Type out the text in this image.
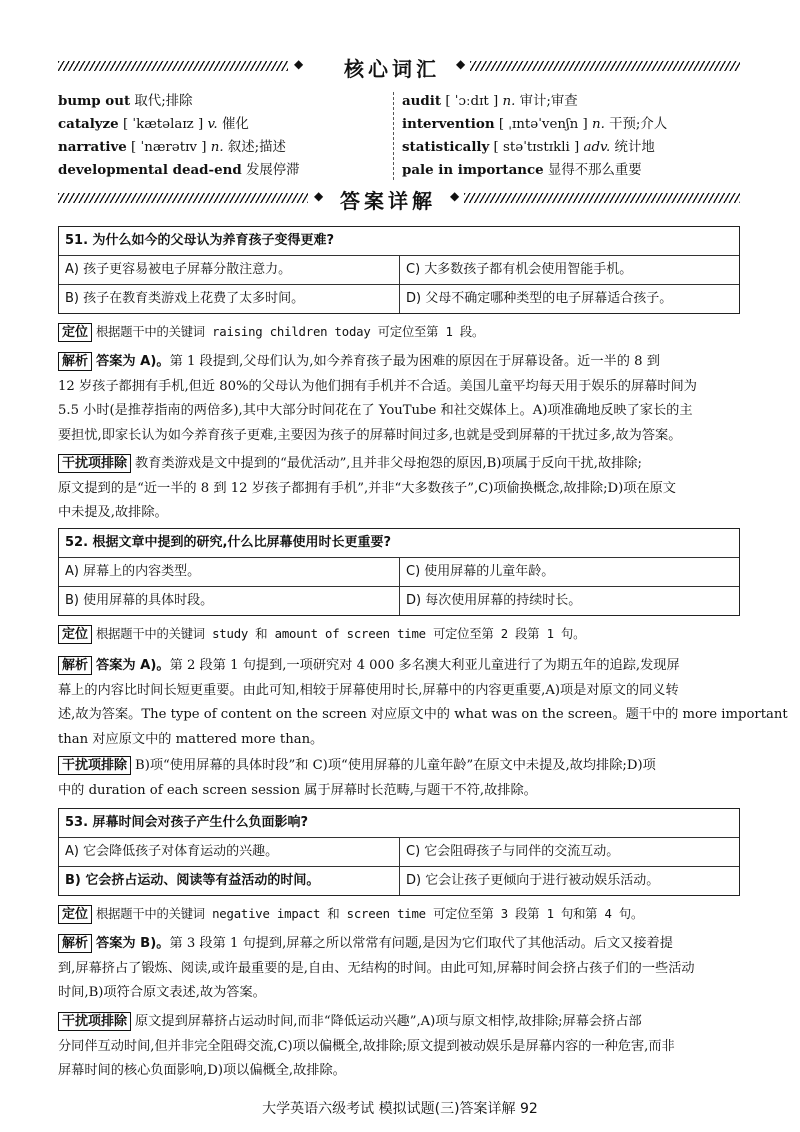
◆ 核心词汇 ◆
bump out 取代;排除
catalyze [ ˈkætəlaɪz ] v. 催化
narrative [ ˈnærətɪv ] n. 叙述;描述
developmental dead-end 发展停滞
audit [ ˈɔːdɪt ] n. 审计;审查
intervention [ ˌɪntəˈvenʃn ] n. 干预;介人
statistically [ stəˈtɪstɪkli ] adv. 统计地
pale in importance 显得不那么重要
◆ 答案详解 ◆
51. 为什么如今的父母认为养育孩子变得更难?
A) 孩子更容易被电子屏幕分散注意力。	C) 大多数孩子都有机会使用智能手机。
B) 孩子在教育类游戏上花费了太多时间。	D) 父母不确定哪种类型的电子屏幕适合孩子。
定位 根据题干中的关键词 raising children today 可定位至第 1 段。
解析 答案为 A)。第 1 段提到,父母们认为,如今养育孩子最为困难的原因在于屏幕设备。近一半的 8 到
12 岁孩子都拥有手机,但近 80%的父母认为他们拥有手机并不合适。美国儿童平均每天用于娱乐的屏幕时间为
5.5 小时(是推荐指南的两倍多),其中大部分时间花在了 YouTube 和社交媒体上。A)项准确地反映了家长的主
要担忧,即家长认为如今养育孩子更难,主要因为孩子的屏幕时间过多,也就是受到屏幕的干扰过多,故为答案。
干扰项排除 教育类游戏是文中提到的“最优活动”,且并非父母抱怨的原因,B)项属于反向干扰,故排除;
原文提到的是“近一半的 8 到 12 岁孩子都拥有手机”,并非“大多数孩子”,C)项偷换概念,故排除;D)项在原文
中未提及,故排除。
52. 根据文章中提到的研究,什么比屏幕使用时长更重要?
A) 屏幕上的内容类型。	C) 使用屏幕的儿童年龄。
B) 使用屏幕的具体时段。	D) 每次使用屏幕的持续时长。
定位 根据题干中的关键词 study 和 amount of screen time 可定位至第 2 段第 1 句。
解析 答案为 A)。第 2 段第 1 句提到,一项研究对 4 000 多名澳大利亚儿童进行了为期五年的追踪,发现屏
幕上的内容比时间长短更重要。由此可知,相较于屏幕使用时长,屏幕中的内容更重要,A)项是对原文的同义转
述,故为答案。The type of content on the screen 对应原文中的 what was on the screen。题干中的 more important
than 对应原文中的 mattered more than。
干扰项排除 B)项“使用屏幕的具体时段”和 C)项“使用屏幕的儿童年龄”在原文中未提及,故均排除;D)项
中的 duration of each screen session 属于屏幕时长范畴,与题干不符,故排除。
53. 屏幕时间会对孩子产生什么负面影响?
A) 它会降低孩子对体育运动的兴趣。	C) 它会阻碍孩子与同伴的交流互动。
B) 它会挤占运动、阅读等有益活动的时间。	D) 它会让孩子更倾向于进行被动娱乐活动。
定位 根据题干中的关键词 negative impact 和 screen time 可定位至第 3 段第 1 句和第 4 句。
解析 答案为 B)。第 3 段第 1 句提到,屏幕之所以常常有问题,是因为它们取代了其他活动。后文又接着提
到,屏幕挤占了锻炼、阅读,或许最重要的是,自由、无结构的时间。由此可知,屏幕时间会挤占孩子们的一些活动
时间,B)项符合原文表述,故为答案。
干扰项排除 原文提到屏幕挤占运动时间,而非“降低运动兴趣”,A)项与原文相悖,故排除;屏幕会挤占部
分同伴互动时间,但并非完全阻碍交流,C)项以偏概全,故排除;原文提到被动娱乐是屏幕内容的一种危害,而非
屏幕时间的核心负面影响,D)项以偏概全,故排除。
大学英语六级考试 模拟试题(三)答案详解 92
